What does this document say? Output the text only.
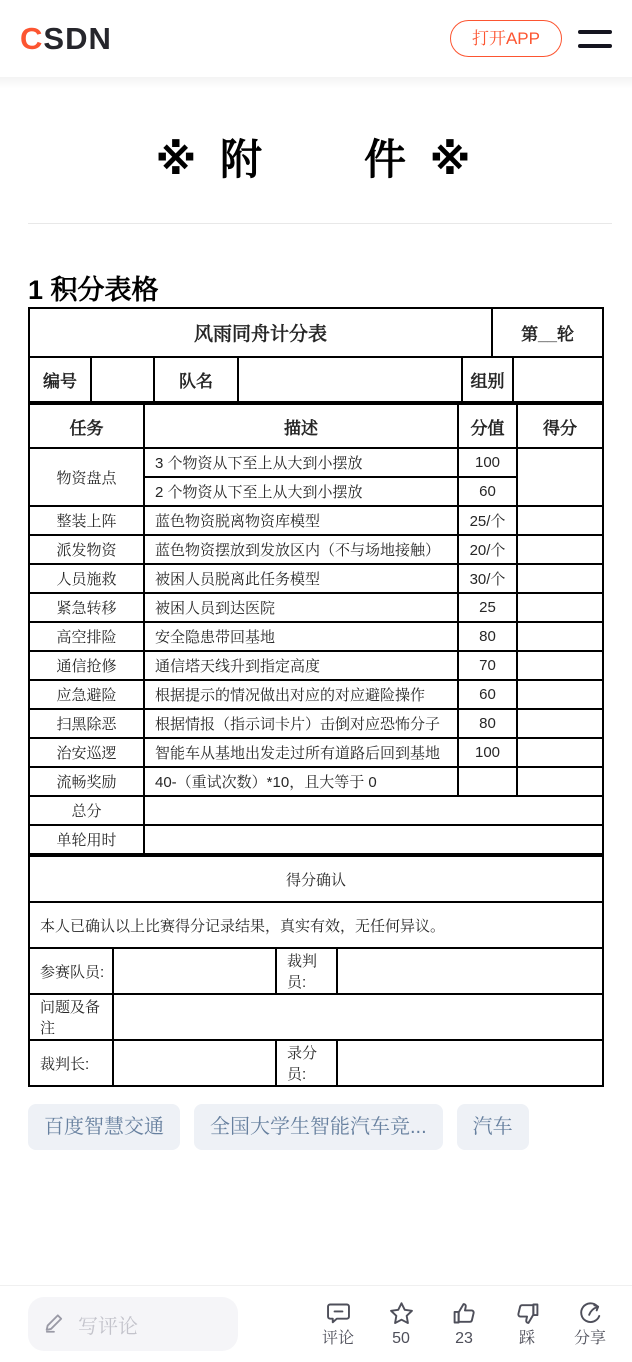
CSDN	打开APP
※ 附　　件 ※
1 积分表格
风雨同舟计分表					第__轮	
编号		队名		组别		
任务	描述	分值	得分
物资盘点	3 个物资从下至上从大到小摆放	100	
	2 个物资从下至上从大到小摆放	60	
整装上阵	蓝色物资脱离物资库模型	25/个	
派发物资	蓝色物资摆放到发放区内（不与场地接触）	20/个	
人员施救	被困人员脱离此任务模型	30/个	
紧急转移	被困人员到达医院	25	
高空排险	安全隐患带回基地	80	
通信抢修	通信塔天线升到指定高度	70	
应急避险	根据提示的情况做出对应的对应避险操作	60	
扫黑除恶	根据情报（指示词卡片）击倒对应恐怖分子	80	
治安巡逻	智能车从基地出发走过所有道路后回到基地	100	
流畅奖励	40-（重试次数）*10，且大等于 0		
总分			
单轮用时			
得分确认			
本人已确认以上比赛得分记录结果，真实有效，无任何异议。			
参赛队员:		裁判员:	
问题及备注			
裁判长:		录分员:	
百度智慧交通	全国大学生智能汽车竞...	汽车
写评论
评论 50	23	踩 分享
